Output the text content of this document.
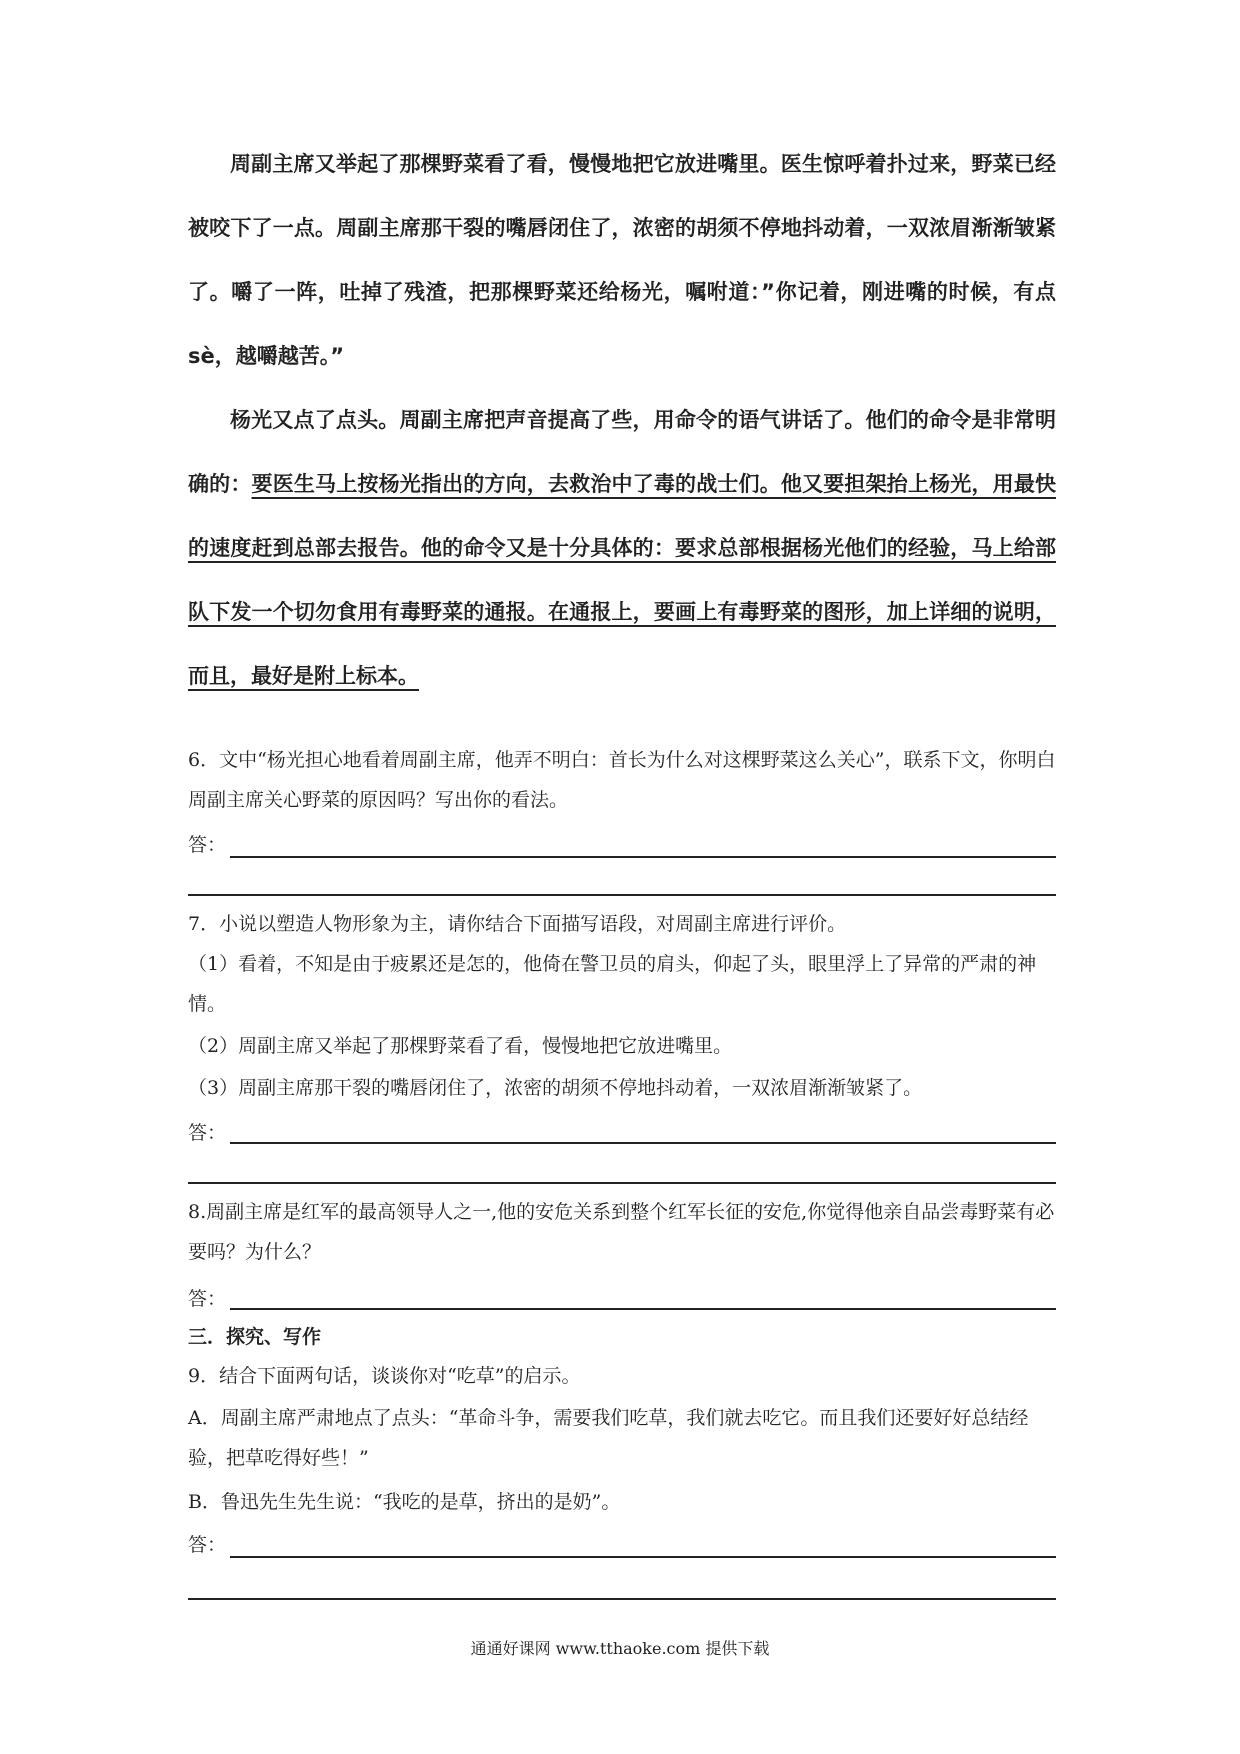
周副主席又举起了那棵野菜看了看，慢慢地把它放进嘴里。医生惊呼着扑过来，野菜已经被咬下了一点。周副主席那干裂的嘴唇闭住了，浓密的胡须不停地抖动着，一双浓眉渐渐皱紧了。嚼了一阵，吐掉了残渣，把那棵野菜还给杨光，嘱咐道：”你记着，刚进嘴的时候，有点 sè，越嚼越苦。”
杨光又点了点头。周副主席把声音提高了些，用命令的语气讲话了。他们的命令是非常明确的：要医生马上按杨光指出的方向，去救治中了毒的战士们。他又要担架抬上杨光，用最快的速度赶到总部去报告。他的命令又是十分具体的：要求总部根据杨光他们的经验，马上给部队下发一个切勿食用有毒野菜的通报。在通报上，要画上有毒野菜的图形，加上详细的说明，而且，最好是附上标本。
6．文中“杨光担心地看着周副主席，他弄不明白：首长为什么对这棵野菜这么关心”，联系下文，你明白周副主席关心野菜的原因吗？写出你的看法。
答：
7．小说以塑造人物形象为主，请你结合下面描写语段，对周副主席进行评价。
（1）看着，不知是由于疲累还是怎的，他倚在警卫员的肩头，仰起了头，眼里浮上了异常的严肃的神情。
（2）周副主席又举起了那棵野菜看了看，慢慢地把它放进嘴里。
（3）周副主席那干裂的嘴唇闭住了，浓密的胡须不停地抖动着，一双浓眉渐渐皱紧了。
答：
8.周副主席是红军的最高领导人之一,他的安危关系到整个红军长征的安危,你觉得他亲自品尝毒野菜有必要吗？为什么？
答：
三．探究、写作
9．结合下面两句话，谈谈你对“吃草”的启示。
A．周副主席严肃地点了点头：“革命斗争，需要我们吃草，我们就去吃它。而且我们还要好好总结经验，把草吃得好些！”
B．鲁迅先生先生说：“我吃的是草，挤出的是奶”。
答：
通通好课网 www.tthaoke.com 提供下载
